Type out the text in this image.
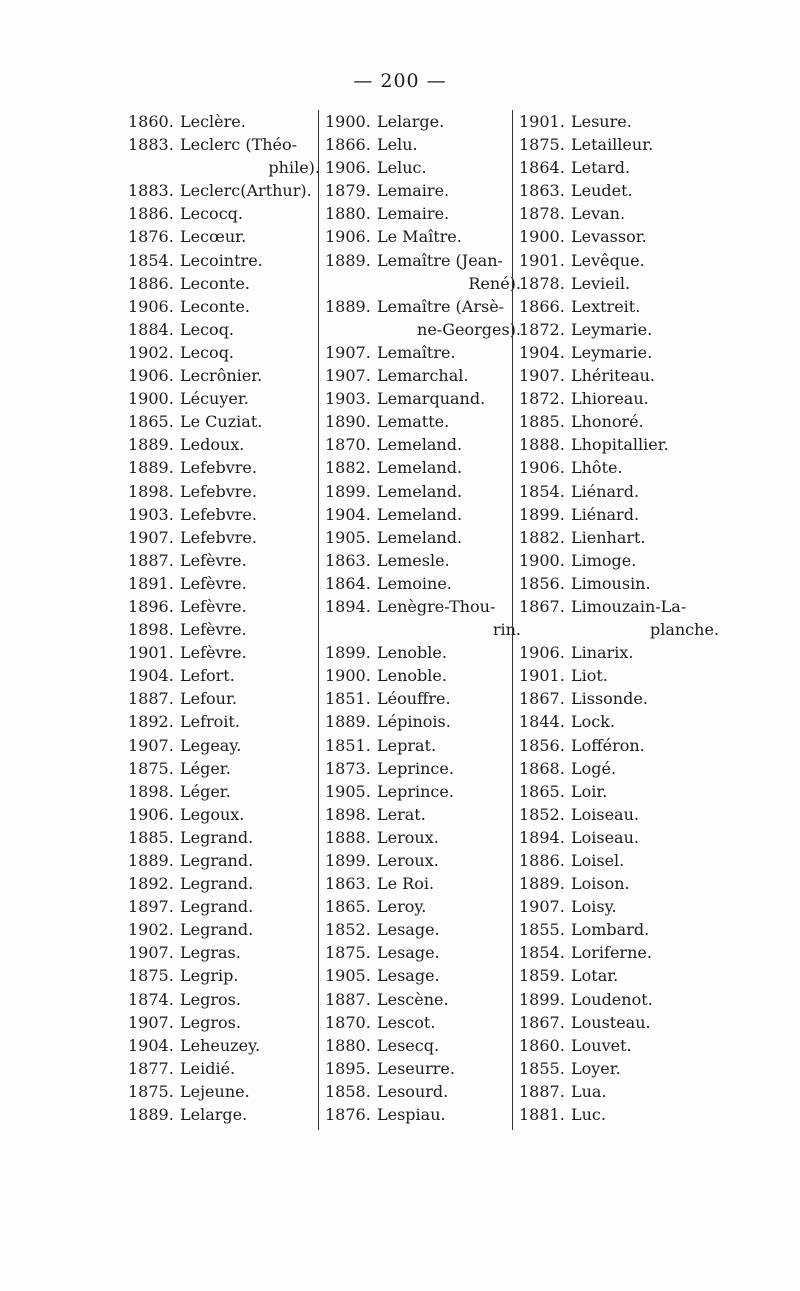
— 200 —
1860. Leclère.
1883. Leclerc (Théo-
phile).
1883. Leclerc(Arthur).
1886. Lecocq.
1876. Lecœur.
1854. Lecointre.
1886. Leconte.
1906. Leconte.
1884. Lecoq.
1902. Lecoq.
1906. Lecrônier.
1900. Lécuyer.
1865. Le Cuziat.
1889. Ledoux.
1889. Lefebvre.
1898. Lefebvre.
1903. Lefebvre.
1907. Lefebvre.
1887. Lefèvre.
1891. Lefèvre.
1896. Lefèvre.
1898. Lefèvre.
1901. Lefèvre.
1904. Lefort.
1887. Lefour.
1892. Lefroit.
1907. Legeay.
1875. Léger.
1898. Léger.
1906. Legoux.
1885. Legrand.
1889. Legrand.
1892. Legrand.
1897. Legrand.
1902. Legrand.
1907. Legras.
1875. Legrip.
1874. Legros.
1907. Legros.
1904. Leheuzey.
1877. Leidié.
1875. Lejeune.
1889. Lelarge.
1900. Lelarge.
1866. Lelu.
1906. Leluc.
1879. Lemaire.
1880. Lemaire.
1906. Le Maître.
1889. Lemaître (Jean-
René).
1889. Lemaître (Arsè-
ne-Georges).
1907. Lemaître.
1907. Lemarchal.
1903. Lemarquand.
1890. Lematte.
1870. Lemeland.
1882. Lemeland.
1899. Lemeland.
1904. Lemeland.
1905. Lemeland.
1863. Lemesle.
1864. Lemoine.
1894. Lenègre-Thou-
rin.
1899. Lenoble.
1900. Lenoble.
1851. Léouffre.
1889. Lépinois.
1851. Leprat.
1873. Leprince.
1905. Leprince.
1898. Lerat.
1888. Leroux.
1899. Leroux.
1863. Le Roi.
1865. Leroy.
1852. Lesage.
1875. Lesage.
1905. Lesage.
1887. Lescène.
1870. Lescot.
1880. Lesecq.
1895. Leseurre.
1858. Lesourd.
1876. Lespiau.
1901. Lesure.
1875. Letailleur.
1864. Letard.
1863. Leudet.
1878. Levan.
1900. Levassor.
1901. Levêque.
1878. Levieil.
1866. Lextreit.
1872. Leymarie.
1904. Leymarie.
1907. Lhériteau.
1872. Lhioreau.
1885. Lhonoré.
1888. Lhopitallier.
1906. Lhôte.
1854. Liénard.
1899. Liénard.
1882. Lienhart.
1900. Limoge.
1856. Limousin.
1867. Limouzain-La-
planche.
1906. Linarix.
1901. Liot.
1867. Lissonde.
1844. Lock.
1856. Lofféron.
1868. Logé.
1865. Loir.
1852. Loiseau.
1894. Loiseau.
1886. Loisel.
1889. Loison.
1907. Loisy.
1855. Lombard.
1854. Loriferne.
1859. Lotar.
1899. Loudenot.
1867. Lousteau.
1860. Louvet.
1855. Loyer.
1887. Lua.
1881. Luc.
